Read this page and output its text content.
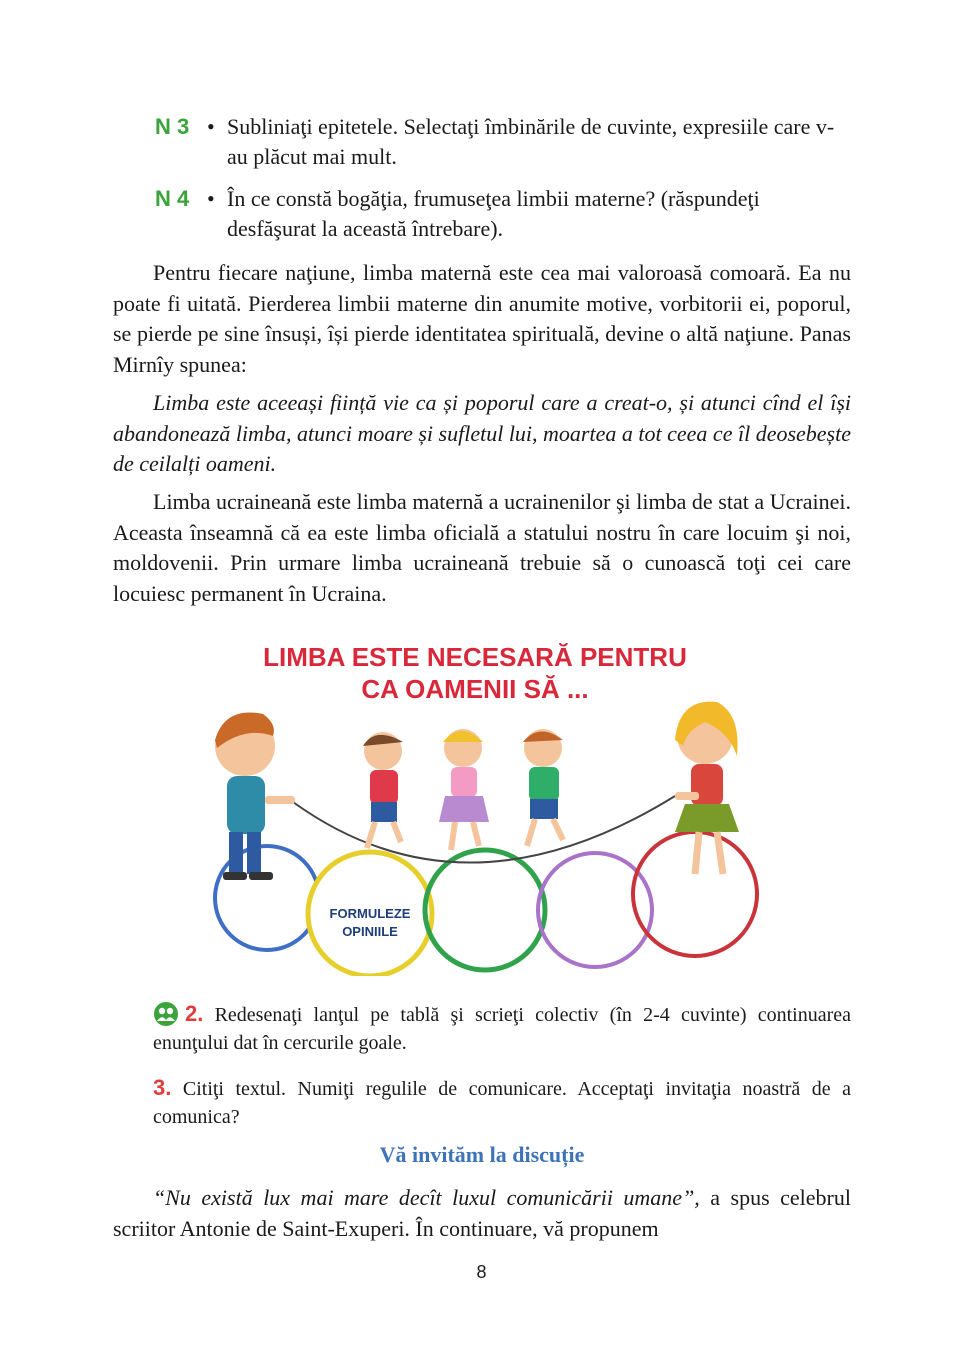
N 3 • Subliniaţi epitetele. Selectaţi îmbinările de cuvinte, expresiile care v-au plăcut mai mult.
N 4 • În ce constă bogăţia, frumuseţea limbii materne? (răspundeţi desfăşurat la această întrebare).

Pentru fiecare naţiune, limba maternă este cea mai valoroasă comoară. Ea nu poate fi uitată. Pierderea limbii materne din anumite motive, vorbitorii ei, poporul, se pierde pe sine însuși, își pierde identitatea spirituală, devine o altă naţiune. Panas Mirnîy spunea:

Limba este aceeași ființă vie ca și poporul care a creat-o, și atunci cînd el își abandonează limba, atunci moare și sufletul lui, moartea a tot ceea ce îl deosebește de ceilalți oameni.

Limba ucraineană este limba maternă a ucrainenilor şi limba de stat a Ucrainei. Aceasta înseamnă că ea este limba oficială a statului nostru în care locuim şi noi, moldovenii. Prin urmare limba ucraineană trebuie să o cunoască toţi cei care locuiesc permanent în Ucraina.

LIMBA ESTE NECESARĂ PENTRU
CA OAMENII SĂ ...
FORMULEZE
OPINIILE
2. Redesenaţi lanţul pe tablă şi scrieţi colectiv (în 2-4 cuvinte) continuarea enunţului dat în cercurile goale.
3. Citiţi textul. Numiţi regulile de comunicare. Acceptaţi invitaţia noastră de a comunica?
Vă invităm la discuție

“Nu există lux mai mare decît luxul comunicării umane”, a spus celebrul scriitor Antonie de Saint-Exuperi. În continuare, vă propunem

8
